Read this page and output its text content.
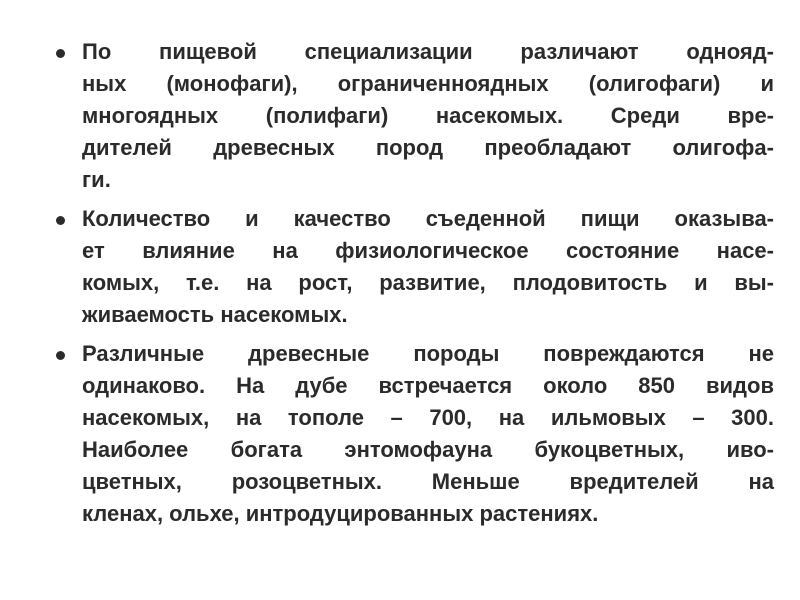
По пищевой специализации различают однояд-
ных (монофаги), ограниченноядных (олигофаги) и
многоядных (полифаги) насекомых. Среди вре-
дителей древесных пород преобладают олигофа-
ги.
Количество и качество съеденной пищи оказыва-
ет влияние на физиологическое состояние насе-
комых, т.е. на рост, развитие, плодовитость и вы-
живаемость насекомых.
Различные древесные породы повреждаются не
одинаково. На дубе встречается около 850 видов
насекомых, на тополе – 700, на ильмовых – 300.
Наиболее богата энтомофауна букоцветных, иво-
цветных, розоцветных. Меньше вредителей на
кленах, ольхе, интродуцированных растениях.
